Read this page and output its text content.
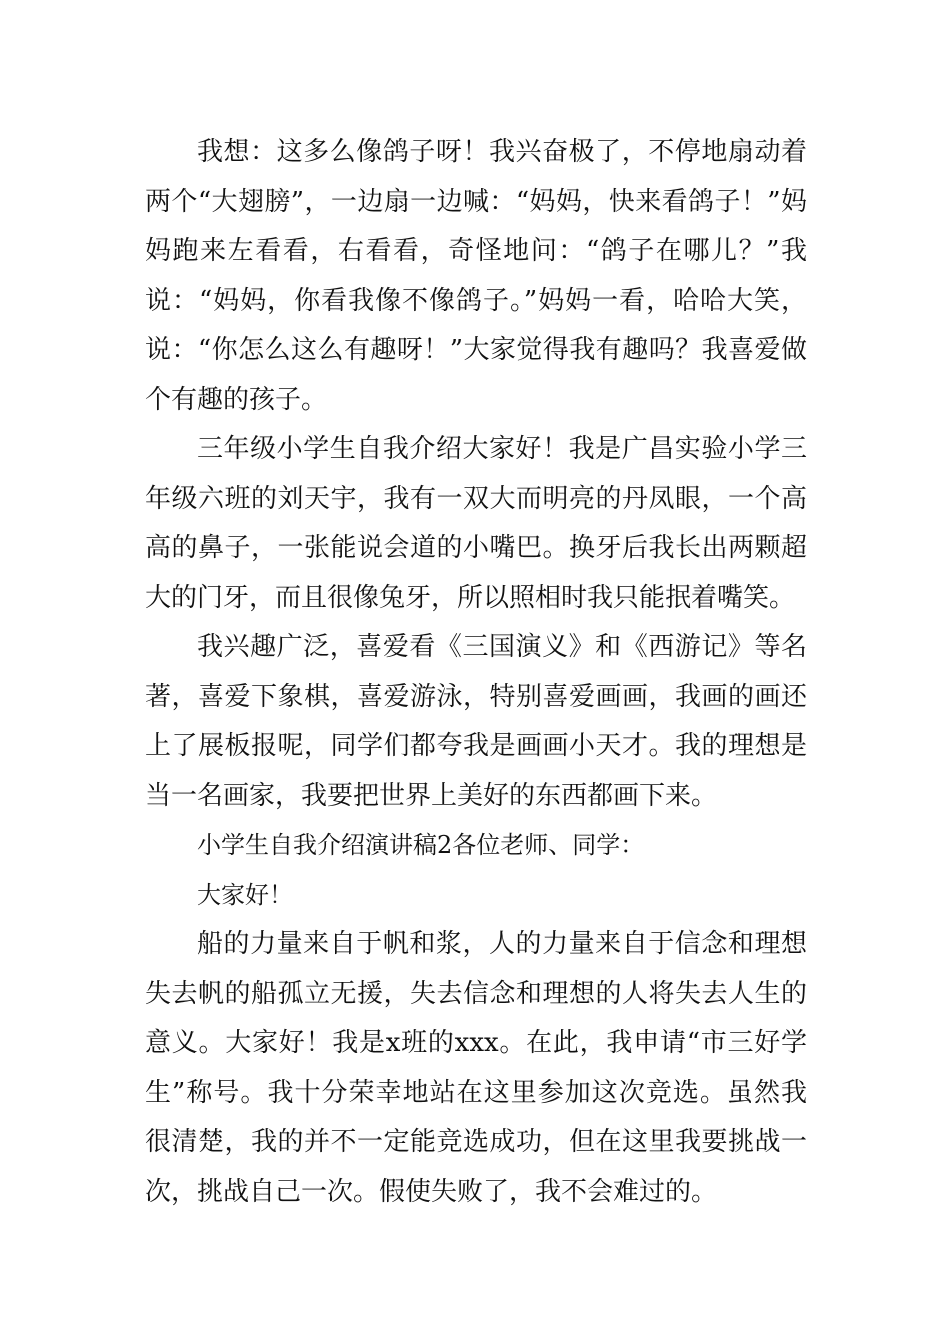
我想：这多么像鸽子呀！我兴奋极了，不停地扇动着两个“大翅膀”，一边扇一边喊：“妈妈，快来看鸽子！”妈妈跑来左看看，右看看，奇怪地问：“鸽子在哪儿？”我说：“妈妈，你看我像不像鸽子。”妈妈一看，哈哈大笑，说：“你怎么这么有趣呀！”大家觉得我有趣吗？我喜爱做个有趣的孩子。

三年级小学生自我介绍大家好！我是广昌实验小学三年级六班的刘天宇，我有一双大而明亮的丹凤眼，一个高高的鼻子，一张能说会道的小嘴巴。换牙后我长出两颗超大的门牙，而且很像兔牙，所以照相时我只能抿着嘴笑。

我兴趣广泛，喜爱看《三国演义》和《西游记》等名著，喜爱下象棋，喜爱游泳，特别喜爱画画，我画的画还上了展板报呢，同学们都夸我是画画小天才。我的理想是当一名画家，我要把世界上美好的东西都画下来。

小学生自我介绍演讲稿2各位老师、同学：

大家好！

船的力量来自于帆和浆，人的力量来自于信念和理想失去帆的船孤立无援，失去信念和理想的人将失去人生的意义。大家好！我是x班的xxx。在此，我申请“市三好学生”称号。我十分荣幸地站在这里参加这次竞选。虽然我很清楚，我的并不一定能竞选成功，但在这里我要挑战一次，挑战自己一次。假使失败了，我不会难过的。
